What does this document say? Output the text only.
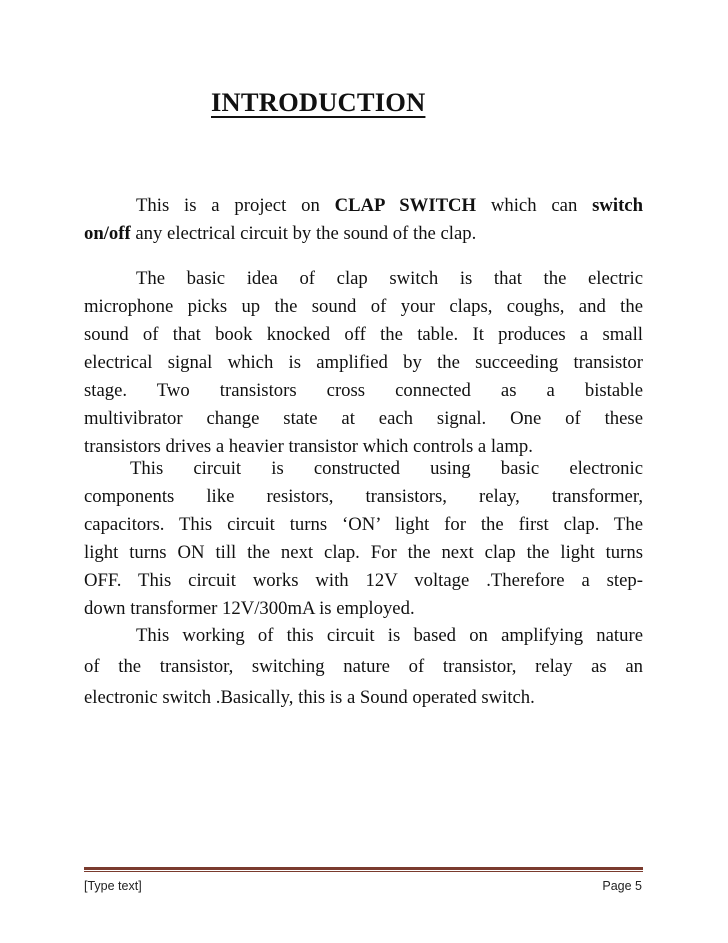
INTRODUCTION
This is a project on CLAP SWITCH which can switch
on/off any electrical circuit by the sound of the clap.
The basic idea of clap switch is that the electric
microphone picks up the sound of your claps, coughs, and the
sound of that book knocked off the table. It produces a small
electrical signal which is amplified by the succeeding transistor
stage. Two transistors cross connected as a bistable
multivibrator change state at each signal. One of these
transistors drives a heavier transistor which controls a lamp.
This circuit is constructed using basic electronic
components like resistors, transistors, relay, transformer,
capacitors. This circuit turns ‘ON’ light for the first clap. The
light turns ON till the next clap. For the next clap the light turns
OFF. This circuit works with 12V voltage .Therefore a step-
down transformer 12V/300mA is employed.
This working of this circuit is based on amplifying nature
of the transistor, switching nature of transistor, relay as an
electronic switch .Basically, this is a Sound operated switch.
[Type text]	Page 5
